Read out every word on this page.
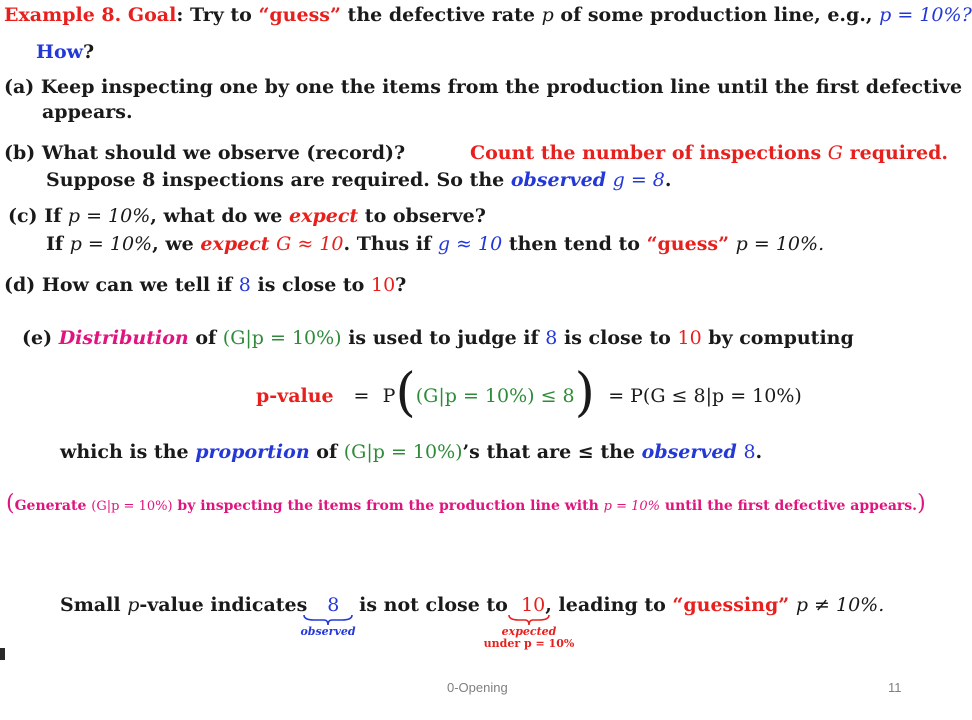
Example 8. Goal: Try to “guess” the defective rate p of some production line, e.g., p = 10%?
How?
(a) Keep inspecting one by one the items from the production line until the first defective
appears.
(b) What should we observe (record)?	Count the number of inspections G required.
Suppose 8 inspections are required. So the observed g = 8.
(c) If p = 10%, what do we expect to observe?
If p = 10%, we expect G ≈ 10. Thus if g ≈ 10 then tend to “guess” p = 10%.
(d) How can we tell if 8 is close to 10?
(e) Distribution of (G|p = 10%) is used to judge if 8 is close to 10 by computing
p-value = P((G|p = 10%) ≤ 8) = P(G ≤ 8|p = 10%)
which is the proportion of (G|p = 10%)’s that are ≤ the observed 8.
(Generate (G|p = 10%) by inspecting the items from the production line with p = 10% until the first defective appears.)
Small p-value indicates 8 is not close to 10, leading to “guessing” p ≠ 10%.
observed	expected
under p = 10%
0-Opening	11
